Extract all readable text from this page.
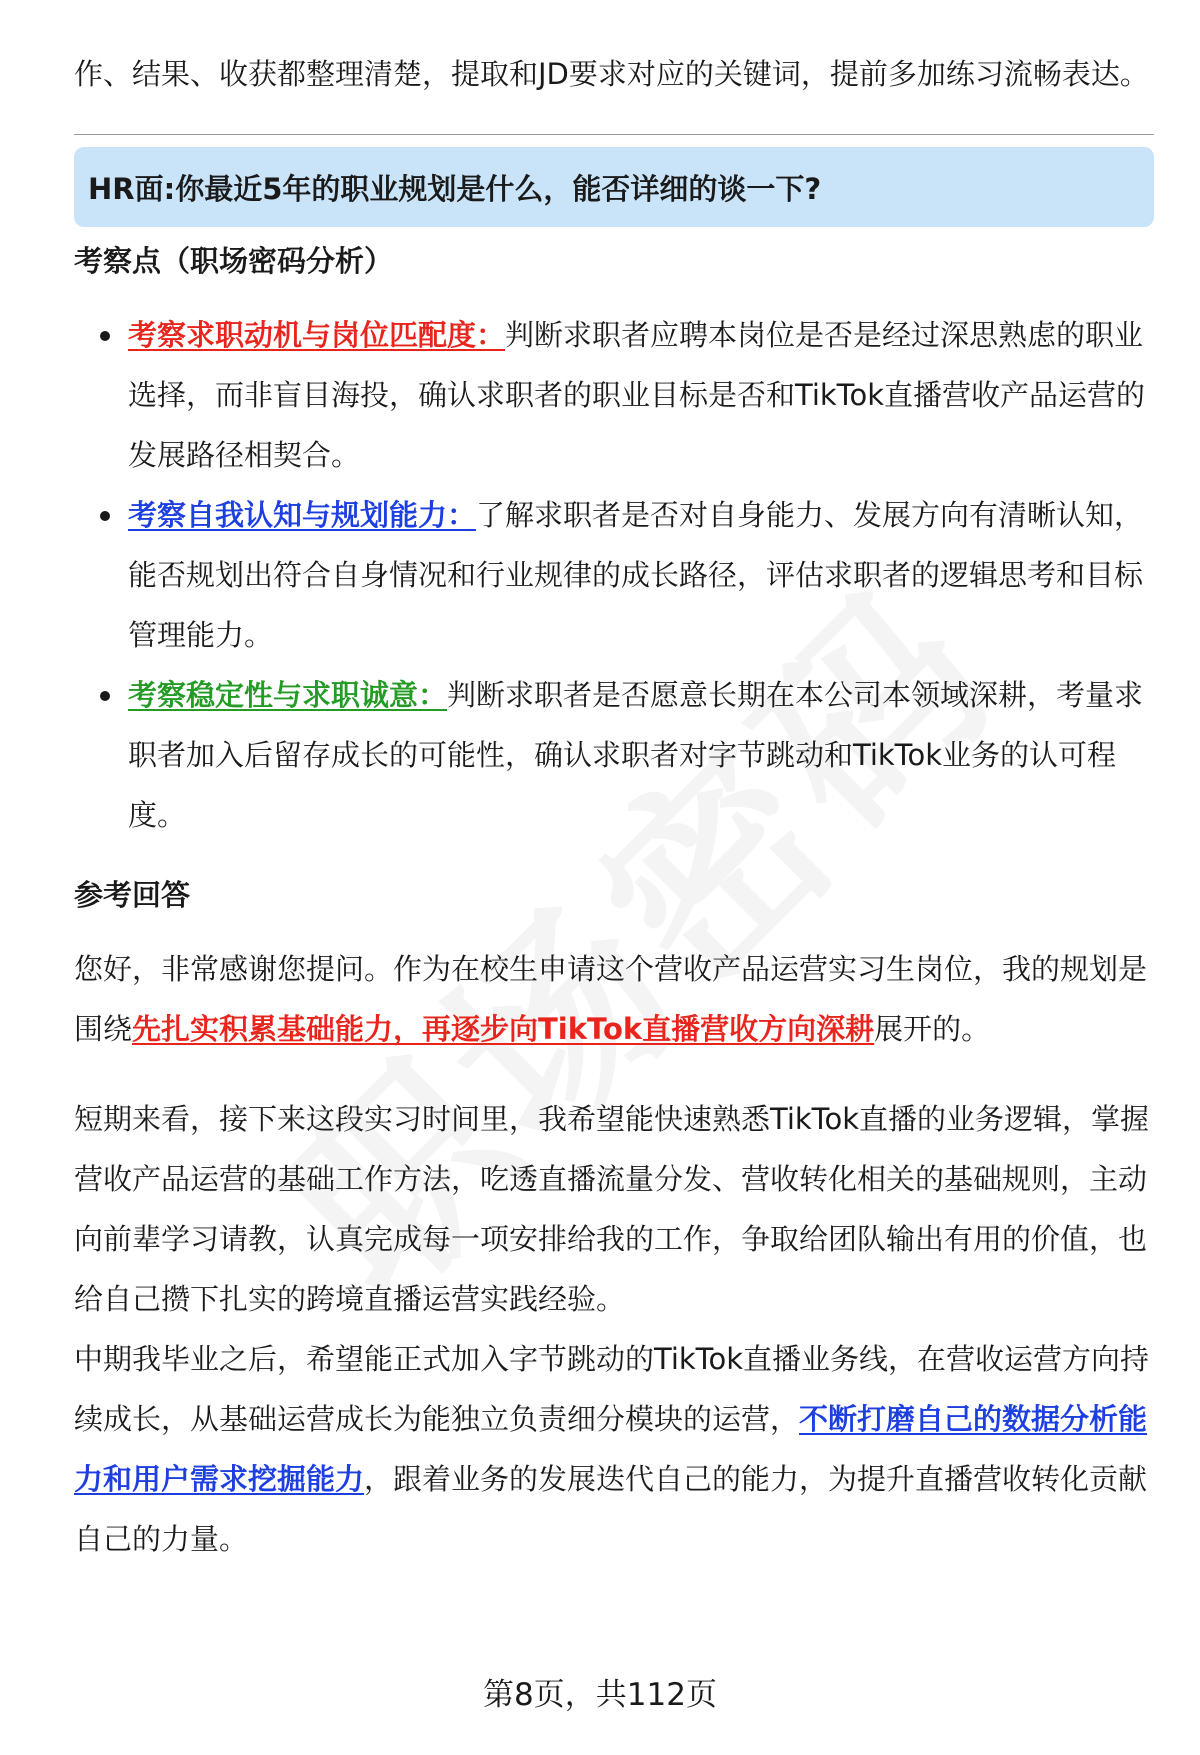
作、结果、收获都整理清楚，提取和JD要求对应的关键词，提前多加练习流畅表达。

HR面:你最近5年的职业规划是什么，能否详细的谈一下?
考察点（职场密码分析）
考察求职动机与岗位匹配度：判断求职者应聘本岗位是否是经过深思熟虑的职业选择，而非盲目海投，确认求职者的职业目标是否和TikTok直播营收产品运营的发展路径相契合。
考察自我认知与规划能力：了解求职者是否对自身能力、发展方向有清晰认知，能否规划出符合自身情况和行业规律的成长路径，评估求职者的逻辑思考和目标管理能力。
考察稳定性与求职诚意：判断求职者是否愿意长期在本公司本领域深耕，考量求职者加入后留存成长的可能性，确认求职者对字节跳动和TikTok业务的认可程度。
参考回答

您好，非常感谢您提问。作为在校生申请这个营收产品运营实习生岗位，我的规划是围绕先扎实积累基础能力，再逐步向TikTok直播营收方向深耕展开的。

短期来看，接下来这段实习时间里，我希望能快速熟悉TikTok直播的业务逻辑，掌握营收产品运营的基础工作方法，吃透直播流量分发、营收转化相关的基础规则，主动向前辈学习请教，认真完成每一项安排给我的工作，争取给团队输出有用的价值，也给自己攒下扎实的跨境直播运营实践经验。

中期我毕业之后，希望能正式加入字节跳动的TikTok直播业务线，在营收运营方向持续成长，从基础运营成长为能独立负责细分模块的运营，不断打磨自己的数据分析能力和用户需求挖掘能力，跟着业务的发展迭代自己的能力，为提升直播营收转化贡献自己的力量。

第8页，共112页
